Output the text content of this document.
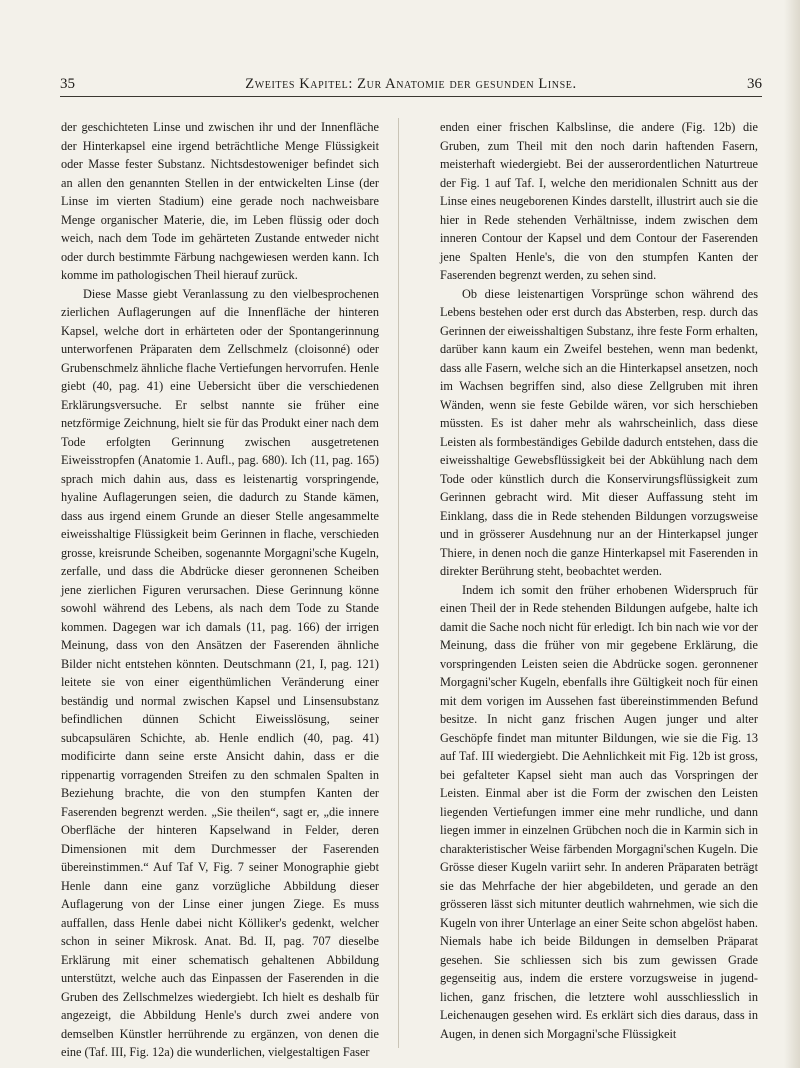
35	Zweites Kapitel: Zur Anatomie der gesunden Linse.	36

der geschichteten Linse und zwischen ihr und der Innenfläche der Hinterkapsel eine irgend beträchtliche Menge Flüssigkeit oder Masse fester Substanz. Nichtsdestoweniger befindet sich an allen den genannten Stellen in der entwickelten Linse (der Linse im vierten Stadium) eine gerade noch nachweisbare Menge organischer Materie, die, im Leben flüssig oder doch weich, nach dem Tode im gehärteten Zustande entweder nicht oder durch bestimmte Färbung nachgewiesen werden kann. Ich komme im pathologischen Theil hierauf zurück.

Diese Masse giebt Veranlassung zu den vielbesprochenen zierlichen Auflagerungen auf die Innenfläche der hinteren Kapsel, welche dort in erhärteten oder der Spontangerinnung unterworfenen Präparaten dem Zellschmelz (cloisonné) oder Grubenschmelz ähnliche flache Vertiefungen hervorrufen. Henle giebt (40, pag. 41) eine Uebersicht über die verschiedenen Erklärungsversuche. Er selbst nannte sie früher eine netzförmige Zeichnung, hielt sie für das Produkt einer nach dem Tode erfolgten Gerinnung zwischen ausgetretenen Eiweisstropfen (Anatomie 1. Aufl., pag. 680). Ich (11, pag. 165) sprach mich dahin aus, dass es leistenartig vorspringende, hyaline Auflagerungen seien, die dadurch zu Stande kämen, dass aus irgend einem Grunde an dieser Stelle angesammelte eiweisshaltige Flüssigkeit beim Gerinnen in flache, verschieden grosse, kreisrunde Scheiben, sogenannte Morgagni'sche Kugeln, zerfalle, und dass die Abdrücke dieser geronnenen Scheiben jene zierlichen Figuren verursachen. Diese Gerinnung könne sowohl während des Lebens, als nach dem Tode zu Stande kommen. Dagegen war ich damals (11, pag. 166) der irrigen Meinung, dass von den Ansätzen der Faserenden ähnliche Bilder nicht entstehen könnten. Deutschmann (21, I, pag. 121) leitete sie von einer eigenthümlichen Veränderung einer beständig und normal zwischen Kapsel und Linsensubstanz befindlichen dünnen Schicht Eiweisslösung, seiner subcapsulären Schichte, ab. Henle endlich (40, pag. 41) modificirte dann seine erste Ansicht dahin, dass er die rippenartig vorragenden Streifen zu den schmalen Spalten in Beziehung brachte, die von den stumpfen Kanten der Faserenden begrenzt werden. „Sie theilen“, sagt er, „die innere Oberfläche der hinteren Kapselwand in Felder, deren Dimensionen mit dem Durchmesser der Faserenden übereinstimmen.“ Auf Taf V, Fig. 7 seiner Monographie giebt Henle dann eine ganz vorzügliche Abbildung dieser Auflagerung von der Linse einer jungen Ziege. Es muss auffallen, dass Henle dabei nicht Kölliker's gedenkt, welcher schon in seiner Mikrosk. Anat. Bd. II, pag. 707 dieselbe Erklärung mit einer schematisch gehaltenen Abbildung unterstützt, welche auch das Einpassen der Faserenden in die Gruben des Zellschmelzes wiedergiebt. Ich hielt es deshalb für angezeigt, die Abbildung Henle's durch zwei andere von demselben Künstler herrührende zu ergänzen, von denen die eine (Taf. III, Fig. 12a) die wunderlichen, vielgestaltigen Faser

enden einer frischen Kalbslinse, die andere (Fig. 12b) die Gruben, zum Theil mit den noch darin haftenden Fasern, meisterhaft wiedergiebt. Bei der ausserordentlichen Naturtreue der Fig. 1 auf Taf. I, welche den meridionalen Schnitt aus der Linse eines neugeborenen Kindes darstellt, illustrirt auch sie die hier in Rede stehenden Verhältnisse, indem zwischen dem inneren Contour der Kapsel und dem Contour der Faserenden jene Spalten Henle's, die von den stumpfen Kanten der Faserenden begrenzt werden, zu sehen sind.

Ob diese leistenartigen Vorsprünge schon während des Lebens bestehen oder erst durch das Absterben, resp. durch das Gerinnen der eiweisshaltigen Substanz, ihre feste Form erhalten, darüber kann kaum ein Zweifel bestehen, wenn man bedenkt, dass alle Fasern, welche sich an die Hinterkapsel ansetzen, noch im Wachsen begriffen sind, also diese Zellgruben mit ihren Wänden, wenn sie feste Gebilde wären, vor sich herschieben müssten. Es ist daher mehr als wahrscheinlich, dass diese Leisten als formbeständiges Gebilde dadurch entstehen, dass die eiweisshaltige Gewebsflüssigkeit bei der Abkühlung nach dem Tode oder künstlich durch die Konservirungsflüssigkeit zum Gerinnen gebracht wird. Mit dieser Auffassung steht im Einklang, dass die in Rede stehenden Bildungen vorzugsweise und in grösserer Ausdehnung nur an der Hinterkapsel junger Thiere, in denen noch die ganze Hinterkapsel mit Faserenden in direkter Berührung steht, beobachtet werden.

Indem ich somit den früher erhobenen Widerspruch für einen Theil der in Rede stehenden Bildungen aufgebe, halte ich damit die Sache noch nicht für erledigt. Ich bin nach wie vor der Meinung, dass die früher von mir gegebene Erklärung, die vorspringenden Leisten seien die Abdrücke sogen. geronnener Morgagni'scher Kugeln, ebenfalls ihre Gültigkeit noch für einen mit dem vorigen im Aussehen fast übereinstimmenden Befund besitze. In nicht ganz frischen Augen junger und alter Geschöpfe findet man mitunter Bildungen, wie sie die Fig. 13 auf Taf. III wiedergiebt. Die Aehnlichkeit mit Fig. 12b ist gross, bei gefalteter Kapsel sieht man auch das Vorspringen der Leisten. Einmal aber ist die Form der zwischen den Leisten liegenden Vertiefungen immer eine mehr rundliche, und dann liegen immer in einzelnen Grübchen noch die in Karmin sich in charakteristischer Weise färbenden Morgagni'schen Kugeln. Die Grösse dieser Kugeln variirt sehr. In anderen Präparaten beträgt sie das Mehrfache der hier abgebildeten, und gerade an den grösseren lässt sich mitunter deutlich wahrnehmen, wie sich die Kugeln von ihrer Unterlage an einer Seite schon abgelöst haben. Niemals habe ich beide Bildungen in demselben Präparat gesehen. Sie schliessen sich bis zum gewissen Grade gegenseitig aus, indem die erstere vorzugsweise in jugendlichen, ganz frischen, die letztere wohl ausschliesslich in Leichenaugen gesehen wird. Es erklärt sich dies daraus, dass in Augen, in denen sich Morgagni'sche Flüssigkeit
